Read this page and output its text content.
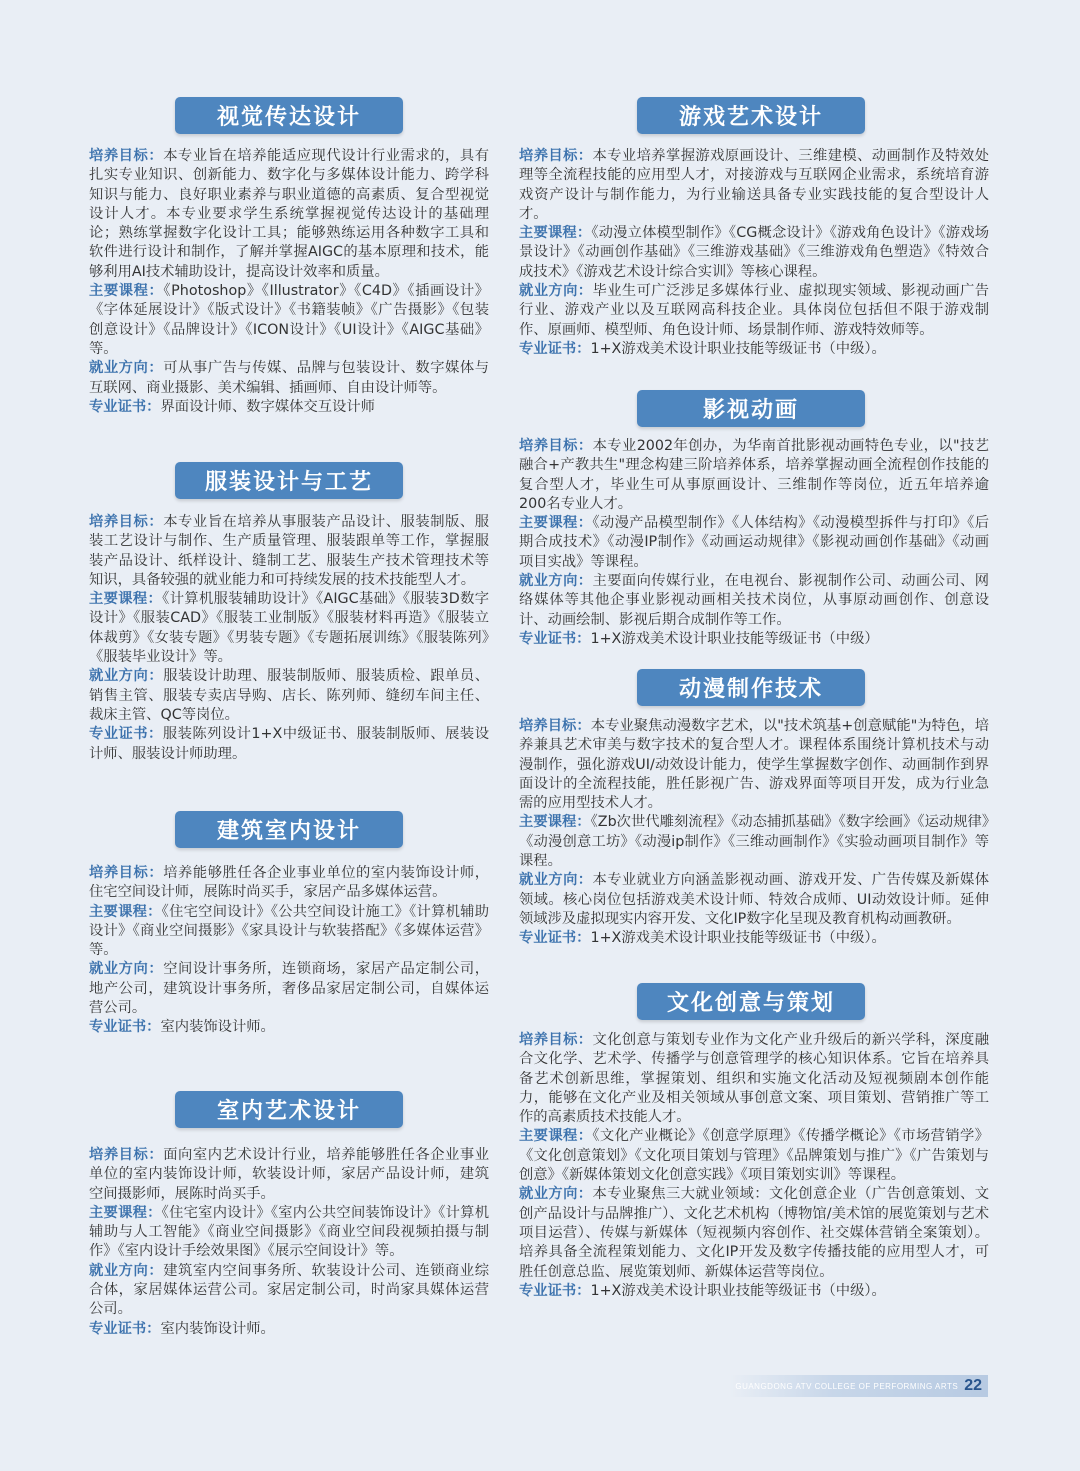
视觉传达设计

培养目标：本专业旨在培养能适应现代设计行业需求的，具有扎实专业知识、创新能力、数字化与多媒体设计能力、跨学科知识与能力、良好职业素养与职业道德的高素质、复合型视觉设计人才。本专业要求学生系统掌握视觉传达设计的基础理论；熟练掌握数字化设计工具；能够熟练运用各种数字工具和软件进行设计和制作，了解并掌握AIGC的基本原理和技术，能够利用AI技术辅助设计，提高设计效率和质量。

主要课程：《Photoshop》《Illustrator》《C4D》《插画设计》《字体延展设计》《版式设计》《书籍装帧》《广告摄影》《包装创意设计》《品牌设计》《ICON设计》《UI设计》《AIGC基础》等。

就业方向：可从事广告与传媒、品牌与包装设计、数字媒体与互联网、商业摄影、美术编辑、插画师、自由设计师等。

专业证书：界面设计师、数字媒体交互设计师

服装设计与工艺

培养目标：本专业旨在培养从事服装产品设计、服装制版、服装工艺设计与制作、生产质量管理、服装跟单等工作，掌握服装产品设计、纸样设计、缝制工艺、服装生产技术管理技术等知识，具备较强的就业能力和可持续发展的技术技能型人才。

主要课程：《计算机服装辅助设计》《AIGC基础》《服装3D数字设计》《服装CAD》《服装工业制版》《服装材料再造》《服装立体裁剪》《女装专题》《男装专题》《专题拓展训练》《服装陈列》《服装毕业设计》等。

就业方向：服装设计助理、服装制版师、服装质检、跟单员、销售主管、服装专卖店导购、店长、陈列师、缝纫车间主任、裁床主管、QC等岗位。

专业证书：服装陈列设计1+X中级证书、服装制版师、展装设计师、服装设计师助理。

建筑室内设计

培养目标：培养能够胜任各企业事业单位的室内装饰设计师，住宅空间设计师，展陈时尚买手，家居产品多媒体运营。

主要课程：《住宅空间设计》《公共空间设计施工》《计算机辅助设计》《商业空间摄影》《家具设计与软装搭配》《多媒体运营》等。

就业方向：空间设计事务所，连锁商场，家居产品定制公司，地产公司，建筑设计事务所，奢侈品家居定制公司，自媒体运营公司。

专业证书：室内装饰设计师。

室内艺术设计

培养目标：面向室内艺术设计行业，培养能够胜任各企业事业单位的室内装饰设计师，软装设计师，家居产品设计师，建筑空间摄影师，展陈时尚买手。

主要课程：《住宅室内设计》《室内公共空间装饰设计》《计算机辅助与人工智能》《商业空间摄影》《商业空间段视频拍摄与制作》《室内设计手绘效果图》《展示空间设计》等。

就业方向：建筑室内空间事务所、软装设计公司、连锁商业综合体，家居媒体运营公司。家居定制公司，时尚家具媒体运营公司。

专业证书：室内装饰设计师。

游戏艺术设计

培养目标：本专业培养掌握游戏原画设计、三维建模、动画制作及特效处理等全流程技能的应用型人才，对接游戏与互联网企业需求，系统培育游戏资产设计与制作能力，为行业输送具备专业实践技能的复合型设计人才。

主要课程：《动漫立体模型制作》《CG概念设计》《游戏角色设计》《游戏场景设计》《动画创作基础》《三维游戏基础》《三维游戏角色塑造》《特效合成技术》《游戏艺术设计综合实训》等核心课程。

就业方向：毕业生可广泛涉足多媒体行业、虚拟现实领域、影视动画广告行业、游戏产业以及互联网高科技企业。具体岗位包括但不限于游戏制作、原画师、模型师、角色设计师、场景制作师、游戏特效师等。

专业证书：1+X游戏美术设计职业技能等级证书（中级）。

影视动画

培养目标：本专业2002年创办，为华南首批影视动画特色专业，以"技艺融合+产教共生"理念构建三阶培养体系，培养掌握动画全流程创作技能的复合型人才，毕业生可从事原画设计、三维制作等岗位，近五年培养逾200名专业人才。

主要课程：《动漫产品模型制作》《人体结构》《动漫模型拆件与打印》《后期合成技术》《动漫IP制作》《动画运动规律》《影视动画创作基础》《动画项目实战》等课程。

就业方向：主要面向传媒行业，在电视台、影视制作公司、动画公司、网络媒体等其他企事业影视动画相关技术岗位，从事原动画创作、创意设计、动画绘制、影视后期合成制作等工作。

专业证书：1+X游戏美术设计职业技能等级证书（中级）

动漫制作技术

培养目标：本专业聚焦动漫数字艺术，以"技术筑基+创意赋能"为特色，培养兼具艺术审美与数字技术的复合型人才。课程体系围绕计算机技术与动漫制作，强化游戏UI/动效设计能力，使学生掌握数字创作、动画制作到界面设计的全流程技能，胜任影视广告、游戏界面等项目开发，成为行业急需的应用型技术人才。

主要课程：《Zb次世代雕刻流程》《动态捕抓基础》《数字绘画》《运动规律》《动漫创意工坊》《动漫ip制作》《三维动画制作》《实验动画项目制作》等课程。

就业方向：本专业就业方向涵盖影视动画、游戏开发、广告传媒及新媒体领域。核心岗位包括游戏美术设计师、特效合成师、UI动效设计师。延伸领域涉及虚拟现实内容开发、文化IP数字化呈现及教育机构动画教研。

专业证书：1+X游戏美术设计职业技能等级证书（中级）。

文化创意与策划

培养目标：文化创意与策划专业作为文化产业升级后的新兴学科，深度融合文化学、艺术学、传播学与创意管理学的核心知识体系。它旨在培养具备艺术创新思维，掌握策划、组织和实施文化活动及短视频剧本创作能力，能够在文化产业及相关领域从事创意文案、项目策划、营销推广等工作的高素质技术技能人才。

主要课程：《文化产业概论》《创意学原理》《传播学概论》《市场营销学》《文化创意策划》《文化项目策划与管理》《品牌策划与推广》《广告策划与创意》《新媒体策划文化创意实践》《项目策划实训》等课程。

就业方向：本专业聚焦三大就业领域：文化创意企业（广告创意策划、文创产品设计与品牌推广）、文化艺术机构（博物馆/美术馆的展览策划与艺术项目运营）、传媒与新媒体（短视频内容创作、社交媒体营销全案策划）。培养具备全流程策划能力、文化IP开发及数字传播技能的应用型人才，可胜任创意总监、展览策划师、新媒体运营等岗位。

专业证书：1+X游戏美术设计职业技能等级证书（中级）。

GUANGDONG ATV COLLEGE OF PERFORMING ARTS 22
